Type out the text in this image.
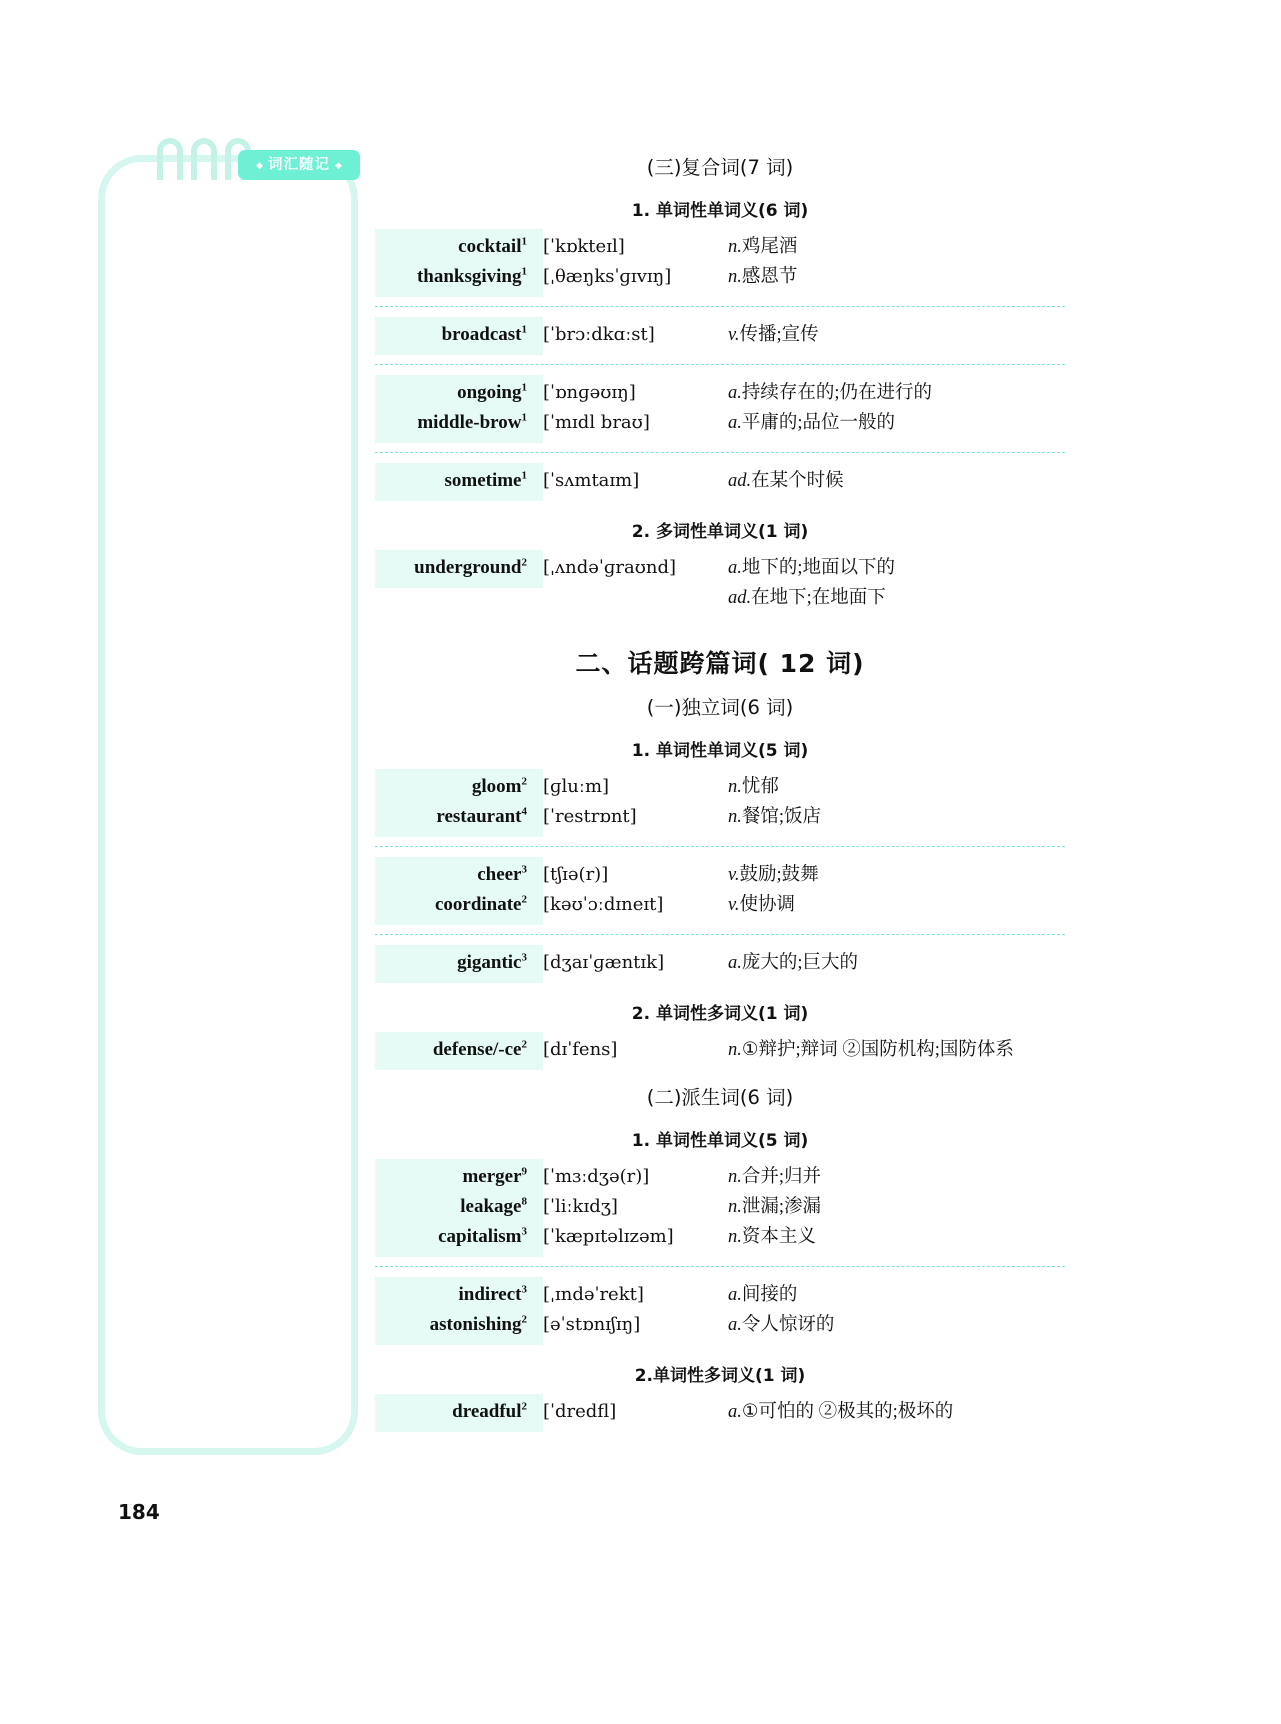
◆ 词汇随记 ◆	(三)复合词(7 词)
1. 单词性单词义(6 词)
cocktail$^1$ [ˈkɒkteɪl]	n.鸡尾酒
thanksgiving$^1$ [ˌθæŋksˈɡɪvɪŋ]	n.感恩节
broadcast$^1$ [ˈbrɔːdkɑːst]	v.传播;宣传
ongoing$^1$ [ˈɒnɡəʊɪŋ]	a.持续存在的;仍在进行的
middle-brow$^1$ [ˈmɪdl braʊ]	a.平庸的;品位一般的
sometime$^1$ [ˈsʌmtaɪm]	ad.在某个时候
2. 多词性单词义(1 词)
underground$^2$ [ˌʌndəˈɡraʊnd]	a.地下的;地面以下的
ad.在地下;在地面下
二、话题跨篇词( 12 词)
(一)独立词(6 词)
1. 单词性单词义(5 词)
gloom$^2$ [ɡluːm]	n.忧郁
restaurant$^4$ [ˈrestrɒnt]	n.餐馆;饭店
cheer$^3$ [tʃɪə(r)]	v.鼓励;鼓舞
coordinate$^2$ [kəʊˈɔːdɪneɪt]	v.使协调
gigantic$^3$ [dʒaɪˈɡæntɪk]	a.庞大的;巨大的
2. 单词性多词义(1 词)
defense/$-ce^2$ [dɪˈfens]	n.①辩护;辩词 ②国防机构;国防体系
(二)派生词(6 词)
1. 单词性单词义(5 词)
merger$^9$ [ˈmɜːdʒə(r)]	n.合并;归并
leakage$^8$ [ˈliːkɪdʒ]	n.泄漏;渗漏
capitalism$^3$ [ˈkæpɪtəlɪzəm]	n.资本主义
indirect$^3$ [ˌɪndəˈrekt]	a.间接的
astonishing$^2$ [əˈstɒnɪʃɪŋ]	a.令人惊讶的
2.单词性多词义(1 词)
dreadful$^2$ [ˈdredfl]	a.①可怕的 ②极其的;极坏的
184
